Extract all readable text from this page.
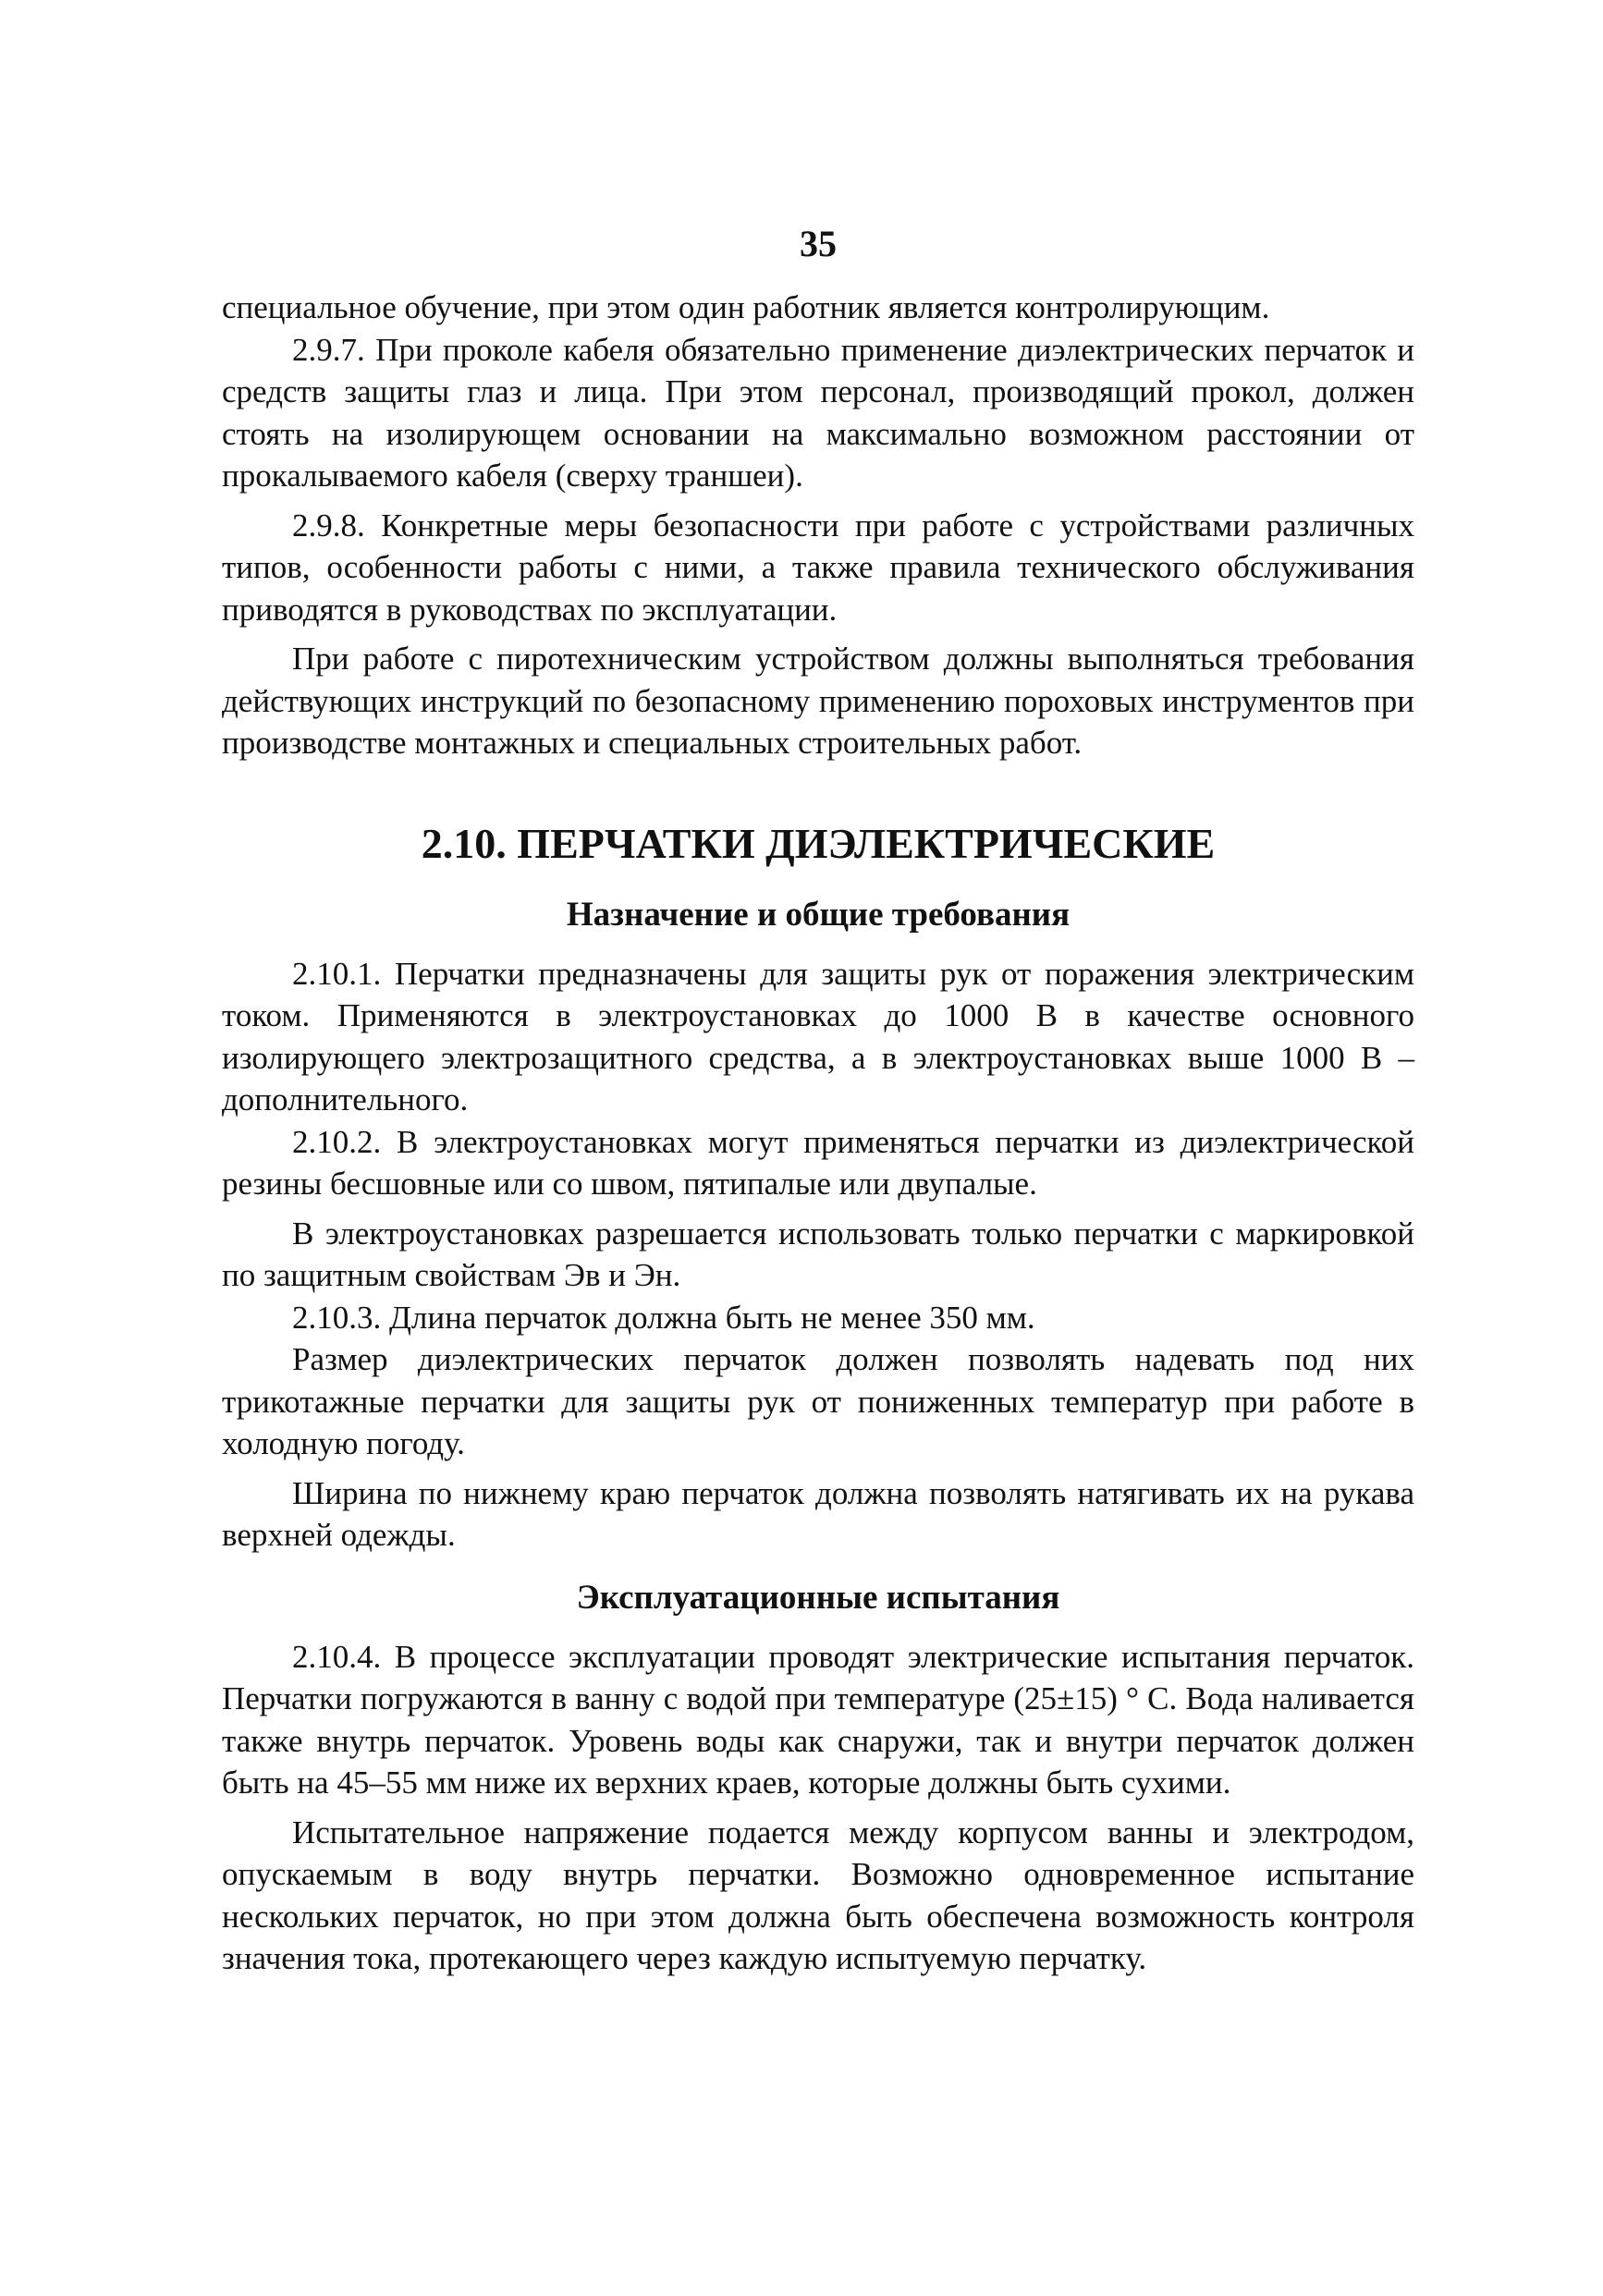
35

специальное обучение, при этом один работник является контролирующим.

2.9.7. При проколе кабеля обязательно применение диэлектрических перчаток и средств защиты глаз и лица. При этом персонал, производящий прокол, должен стоять на изолирующем основании на максимально возможном расстоянии от прокалываемого кабеля (сверху траншеи).

2.9.8. Конкретные меры безопасности при работе с устройствами различных типов, особенности работы с ними, а также правила технического обслуживания приводятся в руководствах по эксплуатации.

При работе с пиротехническим устройством должны выполняться требования действующих инструкций по безопасному применению пороховых инструментов при производстве монтажных и специальных строительных работ.

2.10. ПЕРЧАТКИ ДИЭЛЕКТРИЧЕСКИЕ
Назначение и общие требования

2.10.1. Перчатки предназначены для защиты рук от поражения электрическим током. Применяются в электроустановках до 1000 В в качестве основного изолирующего электрозащитного средства, а в электроустановках выше 1000 В – дополнительного.

2.10.2. В электроустановках могут применяться перчатки из диэлектрической резины бесшовные или со швом, пятипалые или двупалые.

В электроустановках разрешается использовать только перчатки с маркировкой по защитным свойствам Эв и Эн.

2.10.3. Длина перчаток должна быть не менее 350 мм.

Размер диэлектрических перчаток должен позволять надевать под них трикотажные перчатки для защиты рук от пониженных температур при работе в холодную погоду.

Ширина по нижнему краю перчаток должна позволять натягивать их на рукава верхней одежды.

Эксплуатационные испытания

2.10.4. В процессе эксплуатации проводят электрические испытания перчаток. Перчатки погружаются в ванну с водой при температуре (25±15) ° С. Вода наливается также внутрь перчаток. Уровень воды как снаружи, так и внутри перчаток должен быть на 45–55 мм ниже их верхних краев, которые должны быть сухими.

Испытательное напряжение подается между корпусом ванны и электродом, опускаемым в воду внутрь перчатки. Возможно одновременное испытание нескольких перчаток, но при этом должна быть обеспечена возможность контроля значения тока, протекающего через каждую испытуемую перчатку.
